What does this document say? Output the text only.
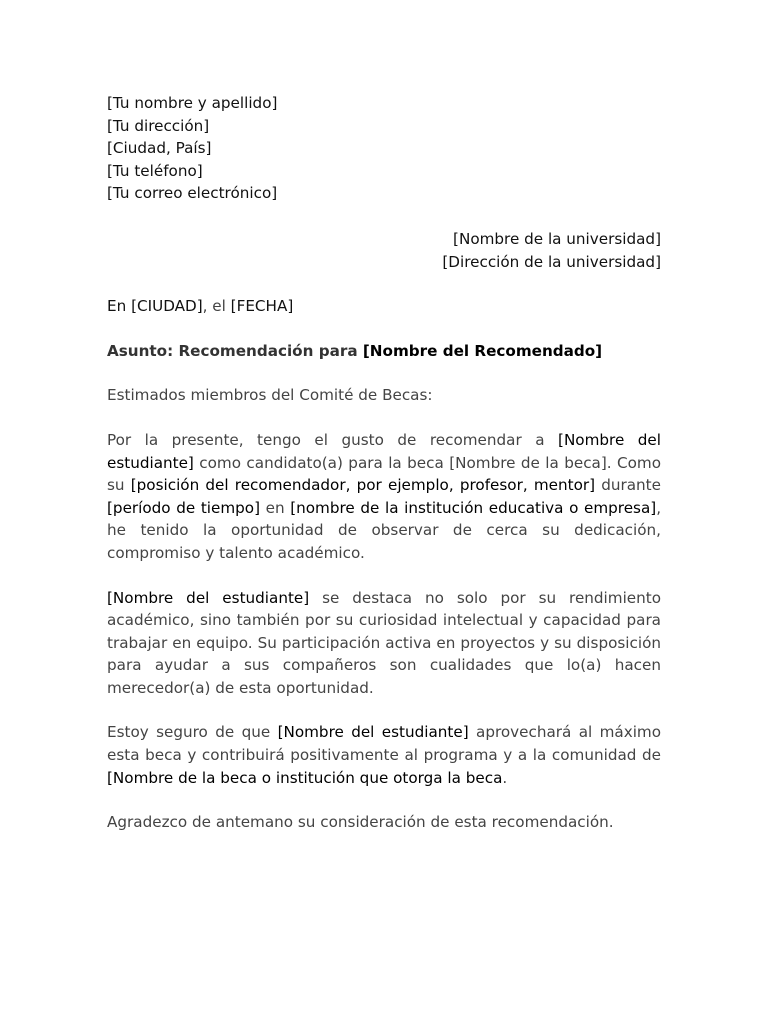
[Tu nombre y apellido]
[Tu dirección]
[Ciudad, País]
[Tu teléfono]
[Tu correo electrónico]
[Nombre de la universidad]
[Dirección de la universidad]

En [CIUDAD], el [FECHA]

Asunto: Recomendación para [Nombre del Recomendado]

Estimados miembros del Comité de Becas:

Por la presente, tengo el gusto de recomendar a [Nombre del estudiante] como candidato(a) para la beca [Nombre de la beca]. Como su [posición del recomendador, por ejemplo, profesor, mentor] durante [período de tiempo] en [nombre de la institución educativa o empresa], he tenido la oportunidad de observar de cerca su dedicación, compromiso y talento académico.

[Nombre del estudiante] se destaca no solo por su rendimiento académico, sino también por su curiosidad intelectual y capacidad para trabajar en equipo. Su participación activa en proyectos y su disposición para ayudar a sus compañeros son cualidades que lo(a) hacen merecedor(a) de esta oportunidad.

Estoy seguro de que [Nombre del estudiante] aprovechará al máximo esta beca y contribuirá positivamente al programa y a la comunidad de [Nombre de la beca o institución que otorga la beca.

Agradezco de antemano su consideración de esta recomendación.
